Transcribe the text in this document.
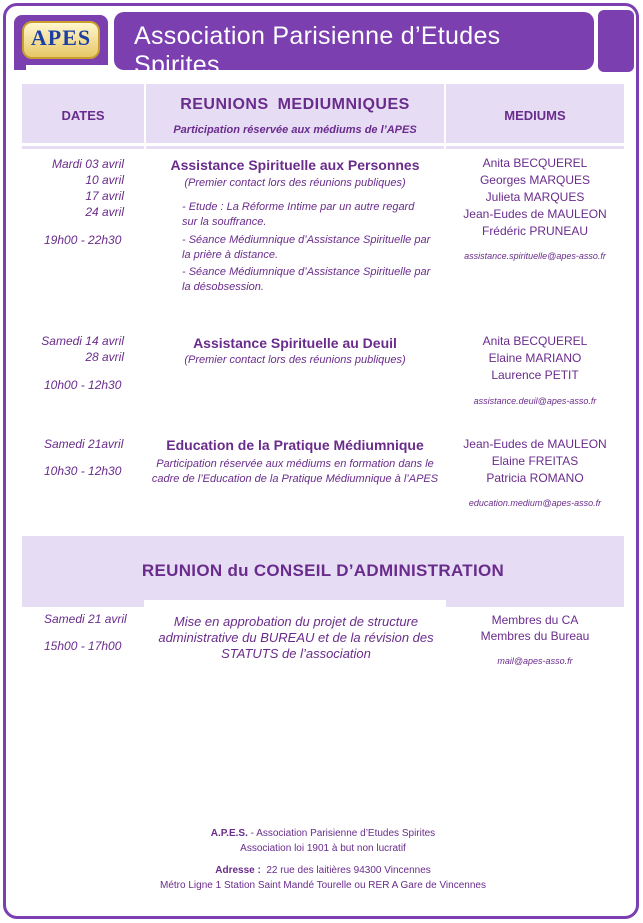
APES	Association Parisienne d’Etudes Spirites
DATES
REUNIONS MEDIUMNIQUES
Participation réservée aux médiums de l’APES
MEDIUMS
Mardi 03 avril
10 avril
17 avril
24 avril
19h00 - 22h30
Assistance Spirituelle aux Personnes
(Premier contact lors des réunions publiques)
- Etude : La Réforme Intime par un autre regard sur la souffrance.
- Séance Médiumnique d’Assistance Spirituelle par la prière à distance.
- Séance Médiumnique d’Assistance Spirituelle par la désobsession.
Anita BECQUEREL
Georges MARQUES
Julieta MARQUES
Jean-Eudes de MAULEON
Frédéric PRUNEAU
assistance.spirituelle@apes-asso.fr
Samedi 14 avril
28 avril
10h00 - 12h30
Assistance Spirituelle au Deuil
(Premier contact lors des réunions publiques)
Anita BECQUEREL
Elaine MARIANO
Laurence PETIT
assistance.deuil@apes-asso.fr
Samedi 21avril
10h30 - 12h30
Education de la Pratique Médiumnique
Participation réservée aux médiums en formation dans le cadre de l’Education de la Pratique Médiumnique à l’APES
Jean-Eudes de MAULEON
Elaine FREITAS
Patricia ROMANO
education.medium@apes-asso.fr
REUNION du CONSEIL D’ADMINISTRATION
Samedi 21 avril
15h00 - 17h00
Mise en approbation du projet de structure administrative du BUREAU et de la révision des STATUTS de l’association
Membres du CA
Membres du Bureau
mail@apes-asso.fr
A.P.E.S. - Association Parisienne d’Etudes Spirites
Association loi 1901 à but non lucratif
Adresse : 22 rue des laitières 94300 Vincennes
Métro Ligne 1 Station Saint Mandé Tourelle ou RER A Gare de Vincennes
